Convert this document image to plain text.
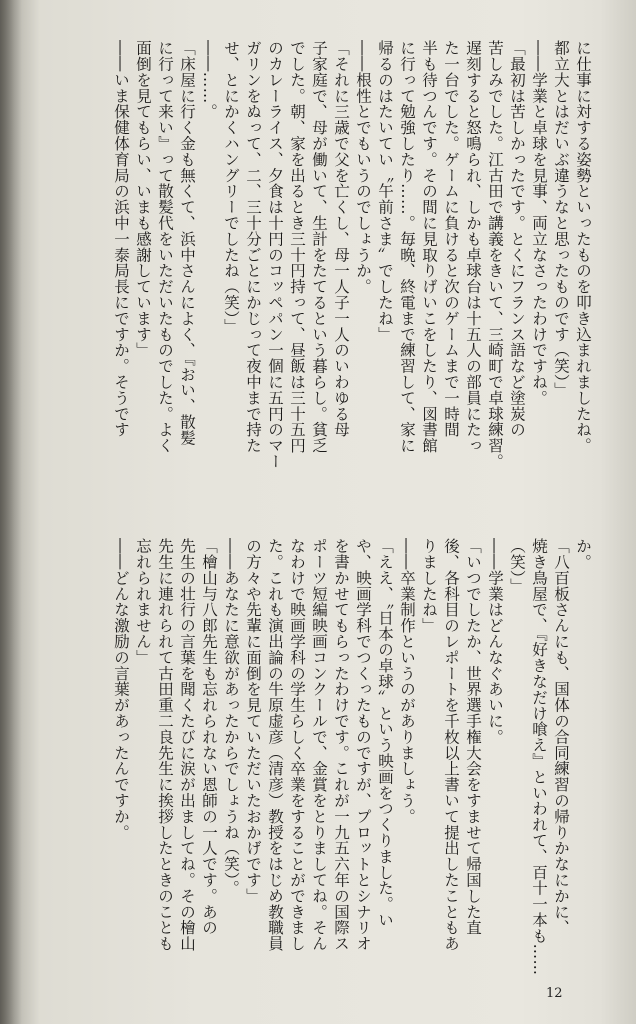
に仕事に対する姿勢といったものを叩き込まれましたね。
都立大とはだいぶ違うなと思ったものです（笑）」
――学業と卓球を見事、両立なさったわけですね。
「最初は苦しかったです。とくにフランス語など塗炭の
苦しみでした。江古田で講義をきいて、三崎町で卓球練習。
遅刻すると怒鳴られ、しかも卓球台は十五人の部員にたっ
た一台でした。ゲームに負けると次のゲームまで一時間
半も待つんです。その間に見取りげいこをしたり、図書館
に行って勉強したり……。毎晩、終電まで練習して、家に
帰るのはたいてい〝午前さま〟でしたね」
――根性とでもいうのでしょうか。
「それに三歳で父を亡くし、母一人子一人のいわゆる母
子家庭で、母が働いて、生計をたてるという暮らし。貧乏
でした。朝、家を出るとき三十円持って、昼飯は三十五円
のカレーライス、夕食は十円のコッペパン一個に五円のマー
ガリンをぬって、二、三十分ごとにかじって夜中まで持た
せ、とにかくハングリーでしたね（笑）」
――……。
「床屋に行く金も無くて、浜中さんによく、『おい、散髪
に行って来い』って散髪代をいただいたものでした。よく
面倒を見てもらい、いまも感謝しています」
――いま保健体育局の浜中一泰局長にですか。そうです
か。
「八百板さんにも、国体の合同練習の帰りかなにかに、
焼き鳥屋で、『好きなだけ喰え』といわれて、百十一本も……
（笑）」
――学業はどんなぐあいに。
「いつでしたか、世界選手権大会をすませて帰国した直
後、各科目のレポートを千枚以上書いて提出したこともあ
りましたね」
――卒業制作というのがありましょう。
「ええ、〝日本の卓球〟という映画をつくりました。い
や、映画学科でつくったものですが、プロットとシナリオ
を書かせてもらったわけです。これが一九五六年の国際ス
ポーツ短編映画コンクールで、金賞をとりましてね。そん
なわけで映画学科の学生らしく卒業をすることができまし
た。これも演出論の牛原虚彦（清彦）教授をはじめ教職員
の方々や先輩に面倒を見ていただいたおかげです」
――あなたに意欲があったからでしょうね（笑）。
「檜山与八郎先生も忘れられない恩師の一人です。あの
先生の壮行の言葉を聞くたびに涙が出ましてね。その檜山
先生に連れられて古田重二良先生に挨拶したときのことも
忘れられません」
――どんな激励の言葉があったんですか。
12
